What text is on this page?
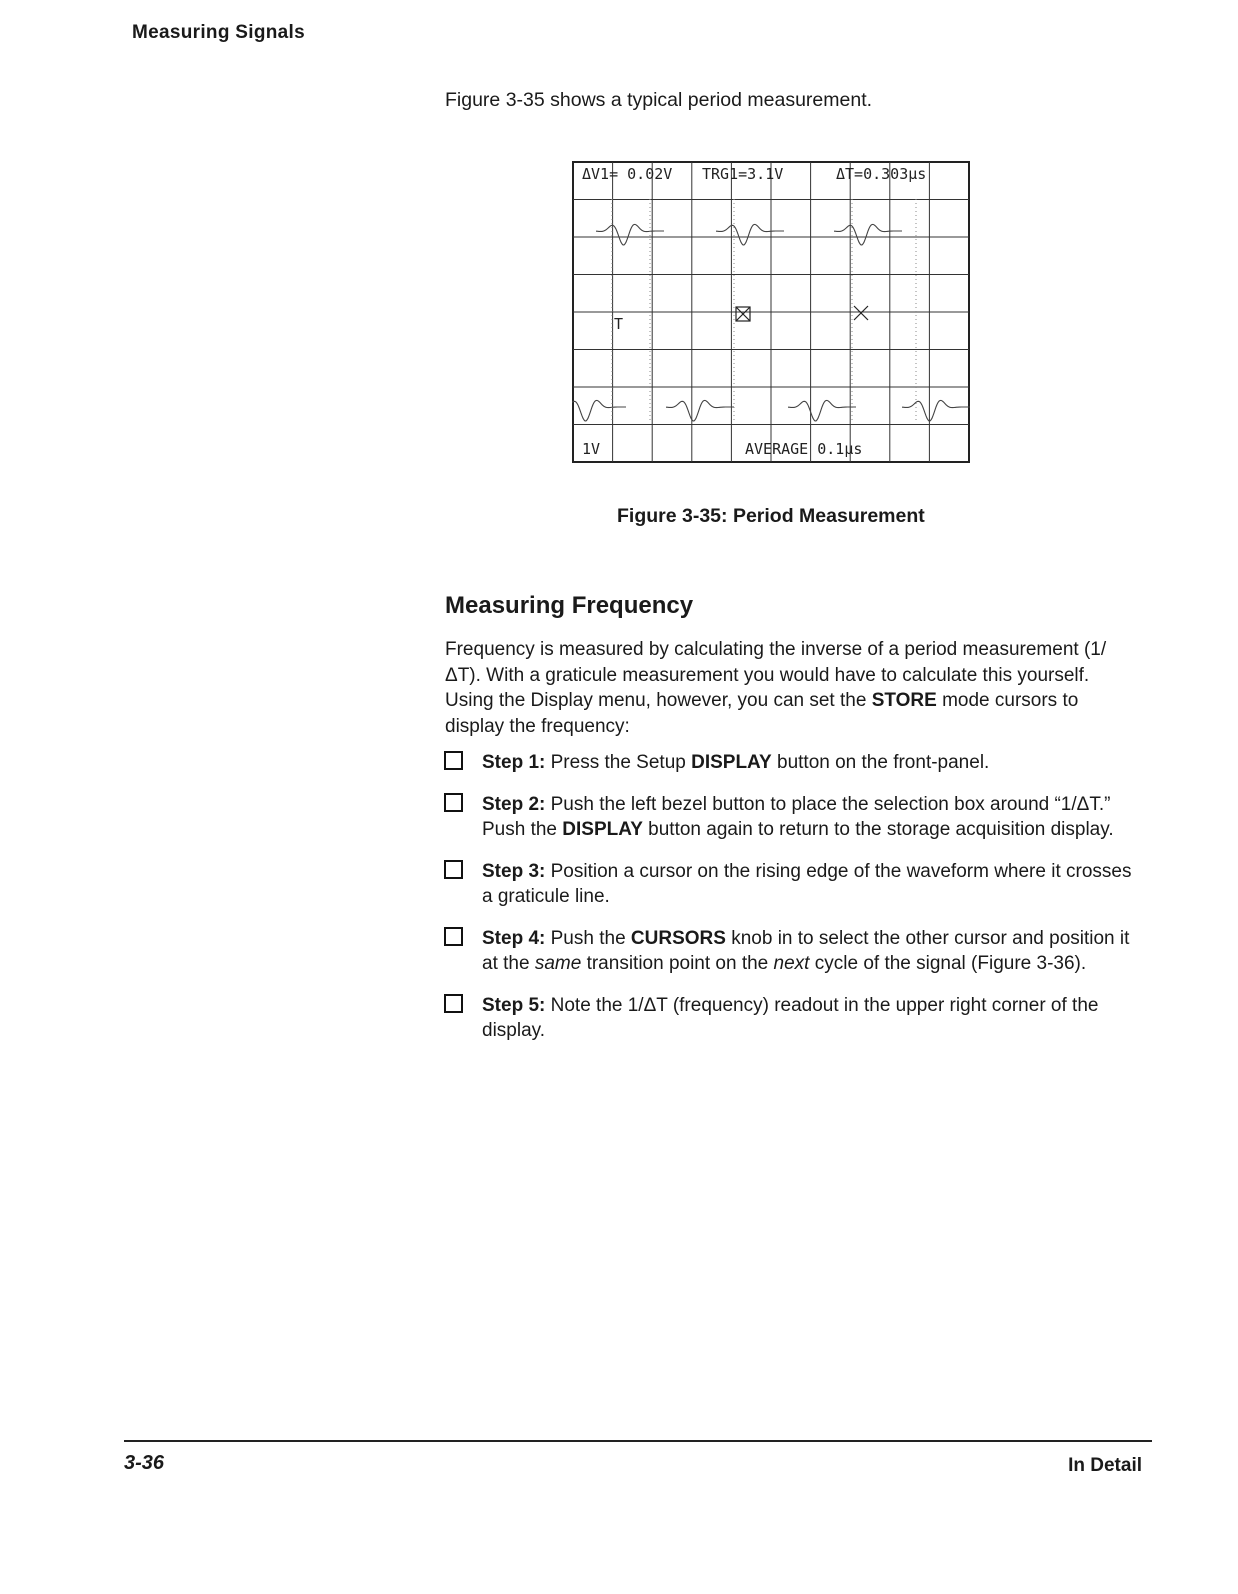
Measuring Signals
Figure 3-35 shows a typical period measurement.
ΔV1= 0.02V TRG1=3.1V	ΔT=0.303µs
T
1V	AVERAGE 0.1µs
Figure 3-35: Period Measurement
Measuring Frequency

Frequency is measured by calculating the inverse of a period measurement (1/ΔT). With a graticule measurement you would have to calculate this yourself. Using the Display menu, however, you can set the STORE mode cursors to display the frequency:

Step 1: Press the Setup DISPLAY button on the front-panel.
Step 2: Push the left bezel button to place the selection box around “1/ΔT.” Push the DISPLAY button again to return to the storage acquisition display.
Step 3: Position a cursor on the rising edge of the waveform where it crosses a graticule line.
Step 4: Push the CURSORS knob in to select the other cursor and position it at the same transition point on the next cycle of the signal (Figure 3-36).
Step 5: Note the 1/ΔT (frequency) readout in the upper right corner of the display.
3-36	In Detail
